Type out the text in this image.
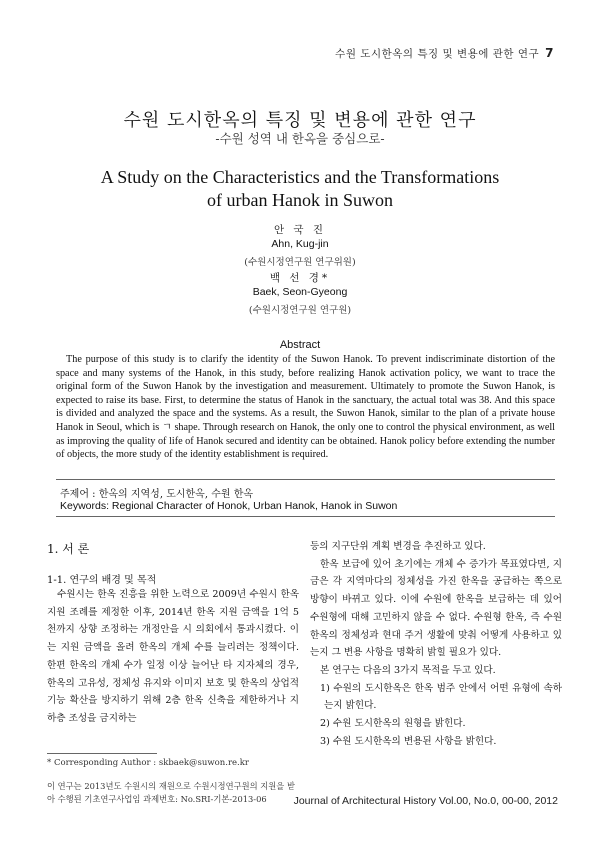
수원 도시한옥의 특징 및 변용에 관한 연구 7
수원 도시한옥의 특징 및 변용에 관한 연구
-수원 성역 내 한옥을 중심으로-
A Study on the Characteristics and the Transformations
of urban Hanok in Suwon
안 국 진
Ahn, Kug-jin
(수원시정연구원 연구위원)
백 선 경*
Baek, Seon-Gyeong
(수원시정연구원 연구원)
Abstract

The purpose of this study is to clarify the identity of the Suwon Hanok. To prevent indiscriminate distortion of the space and many systems of the Hanok, in this study, before realizing Hanok activation policy, we want to trace the original form of the Suwon Hanok by the investigation and measurement. Ultimately to promote the Suwon Hanok, is expected to raise its base. First, to determine the status of Hanok in the sanctuary, the actual total was 38. And this space is divided and analyzed the space and the systems. As a result, the Suwon Hanok, similar to the plan of a private house Hanok in Seoul, which is ㄱ shape. Through research on Hanok, the only one to control the physical environment, as well as improving the quality of life of Hanok secured and identity can be obtained. Hanok policy before extending the number of objects, the more study of the identity establishment is required.

주제어 : 한옥의 지역성, 도시한옥, 수원 한옥
Keywords: Regional Character of Honok, Urban Hanok, Hanok in Suwon
1. 서 론
1-1. 연구의 배경 및 목적

수원시는 한옥 진흥을 위한 노력으로 2009년 수원시 한옥 지원 조례를 제정한 이후, 2014년 한옥 지원 금액을 1억 5천까지 상향 조정하는 개정안을 시 의회에서 통과시켰다. 이는 지원 금액을 올려 한옥의 개체 수를 늘리려는 정책이다. 한편 한옥의 개체 수가 일정 이상 늘어난 타 지자체의 경우, 한옥의 고유성, 정체성 유지와 이미지 보호 및 한옥의 상업적 기능 확산을 방지하기 위해 2층 한옥 신축을 제한하거나 지하층 조성을 금지하는

등의 지구단위 계획 변경을 추진하고 있다.

한옥 보급에 있어 초기에는 개체 수 증가가 목표였다면, 지금은 각 지역마다의 정체성을 가진 한옥을 공급하는 쪽으로 방향이 바뀌고 있다. 이에 수원에 한옥을 보급하는 데 있어 수원형에 대해 고민하지 않을 수 없다. 수원형 한옥, 즉 수원 한옥의 정체성과 현대 주거 생활에 맞춰 어떻게 사용하고 있는지 그 변용 사항을 명확히 밝힐 필요가 있다.

본 연구는 다음의 3가지 목적을 두고 있다.

1) 수원의 도시한옥은 한옥 범주 안에서 어떤 유형에 속하는지 밝힌다.

2) 수원 도시한옥의 원형을 밝힌다.

3) 수원 도시한옥의 변용된 사항을 밝힌다.

* Corresponding Author : skbaek@suwon.re.kr
이 연구는 2013년도 수원시의 재원으로 수원시정연구원의 지원을 받아 수행된 기초연구사업임 과제번호: No.SRI-기본-2013-06	Journal of Architectural History Vol.00, No.0, 00-00, 2012
